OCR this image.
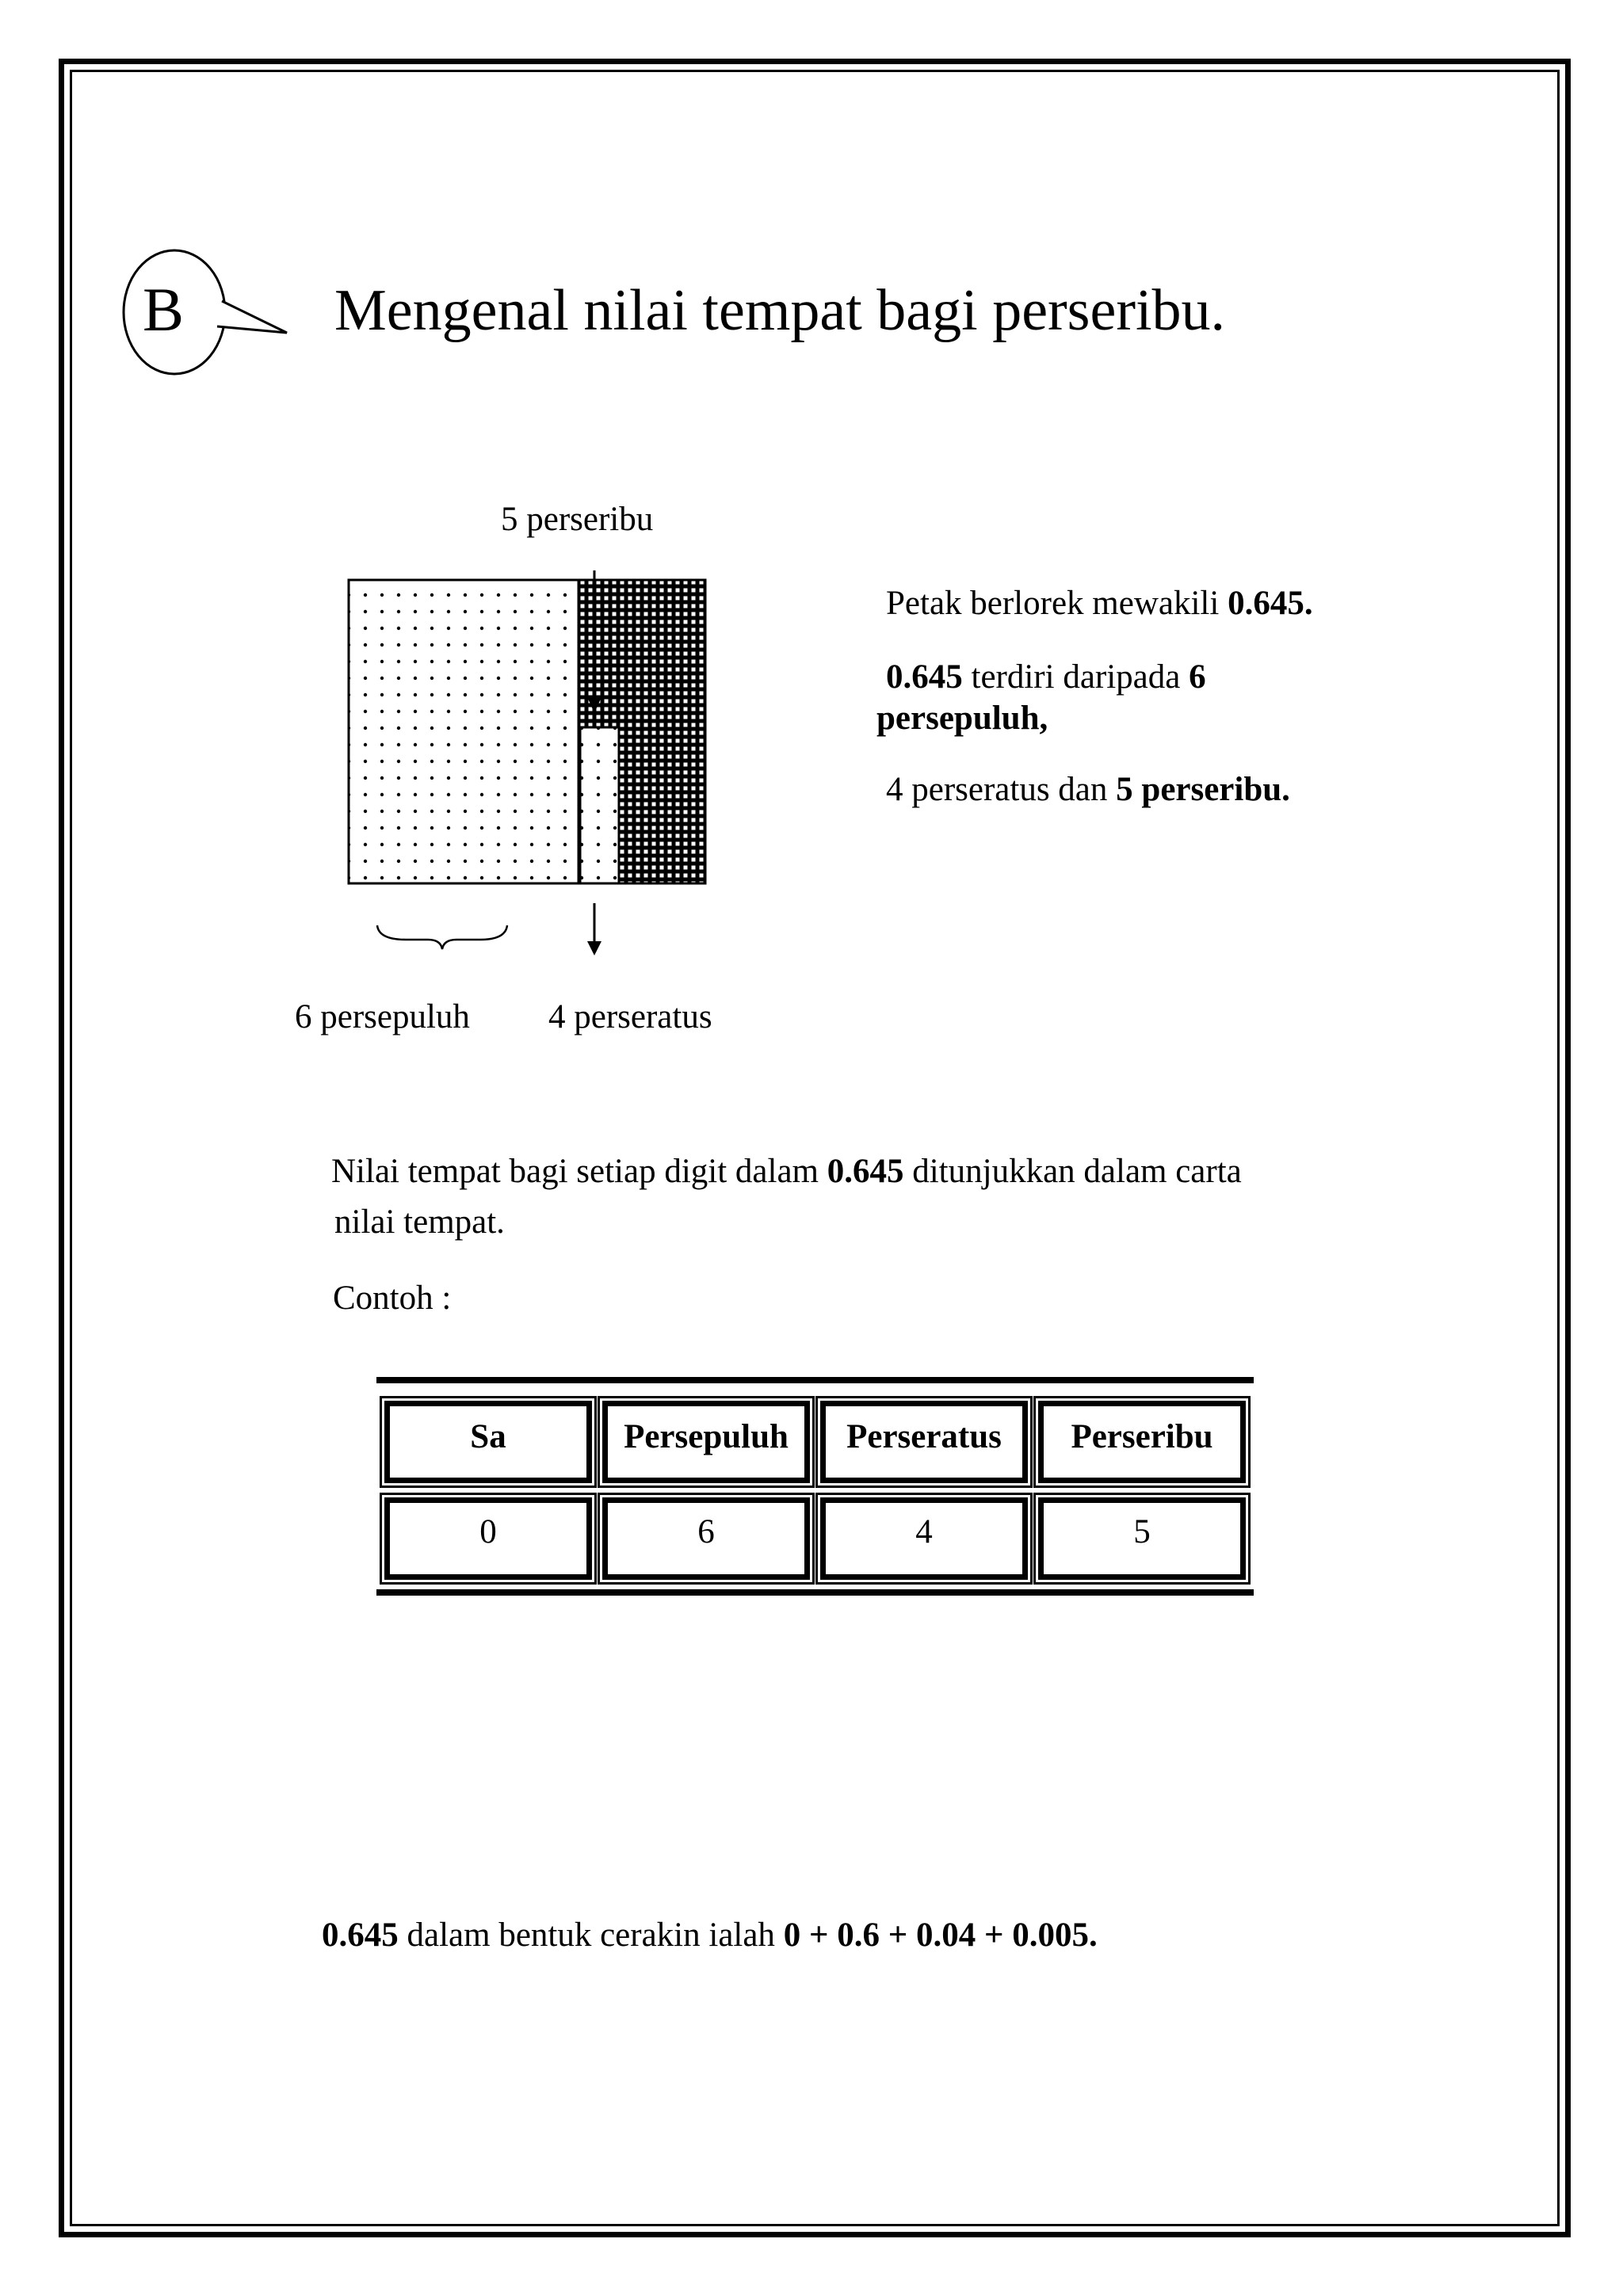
B	Mengenal nilai tempat bagi perseribu.
5 perseribu
6 persepuluh 4 perseratus
Petak berlorek mewakili 0.645.
0.645 terdiri daripada 6
persepuluh,
4 perseratus dan 5 perseribu.
Nilai tempat bagi setiap digit dalam 0.645 ditunjukkan dalam carta
nilai tempat.
Contoh :
Sa	Persepuluh	Perseratus	Perseribu
0	6	4	5
0.645 dalam bentuk cerakin ialah 0 + 0.6 + 0.04 + 0.005.
